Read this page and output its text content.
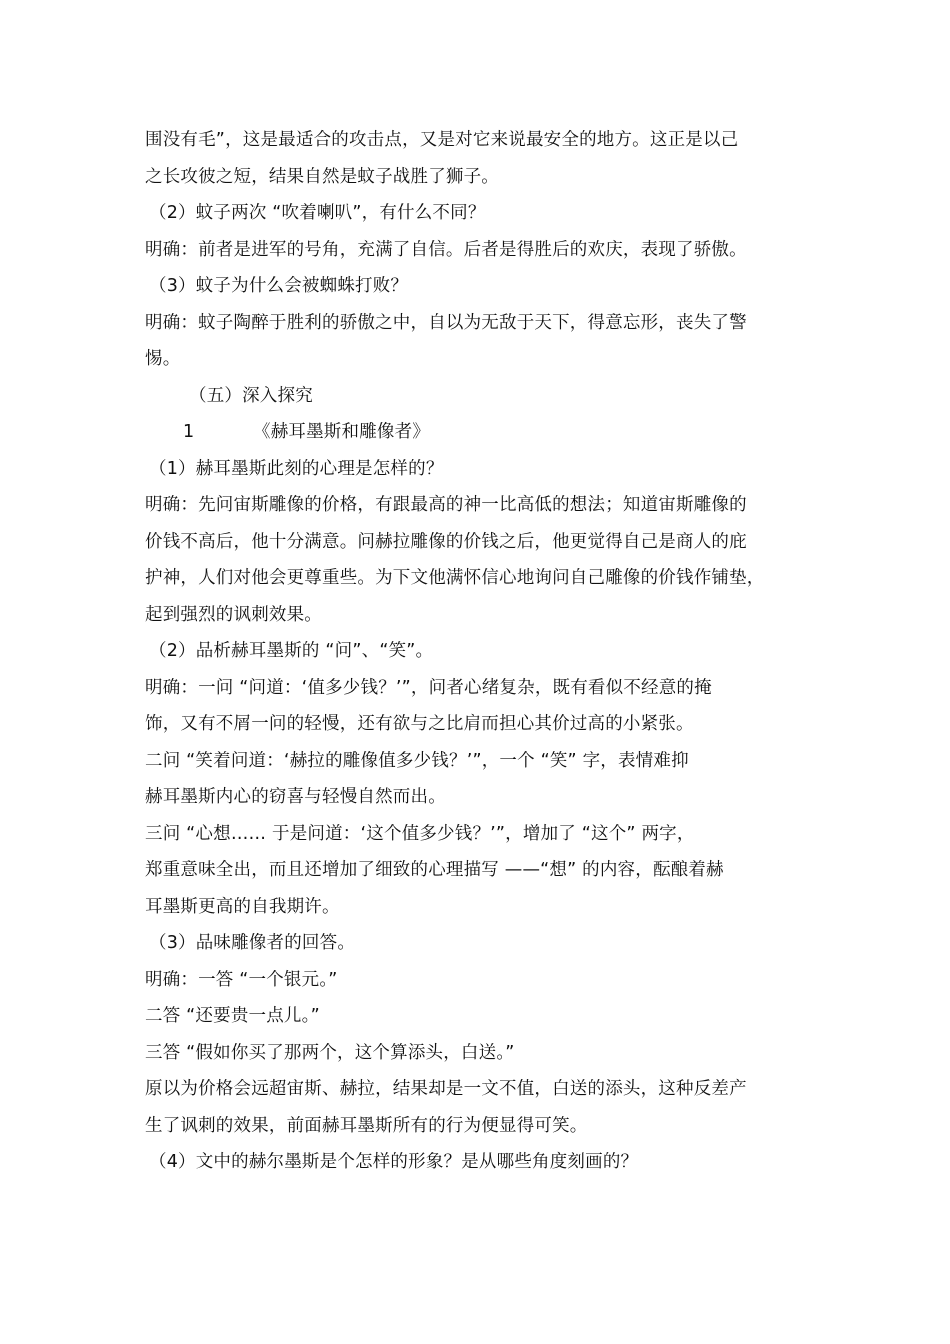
围没有毛”，这是最适合的攻击点，又是对它来说最安全的地方。这正是以己
之长攻彼之短，结果自然是蚊子战胜了狮子。
（2）蚊子两次 “吹着喇叭”，有什么不同？
明确：前者是进军的号角，充满了自信。后者是得胜后的欢庆，表现了骄傲。
（3）蚊子为什么会被蜘蛛打败？
明确：蚊子陶醉于胜利的骄傲之中，自以为无敌于天下，得意忘形，丧失了警
惕。
（五）深入探究
1	《赫耳墨斯和雕像者》
（1）赫耳墨斯此刻的心理是怎样的？
明确：先问宙斯雕像的价格，有跟最高的神一比高低的想法；知道宙斯雕像的
价钱不高后，他十分满意。问赫拉雕像的价钱之后，他更觉得自己是商人的庇
护神，人们对他会更尊重些。为下文他满怀信心地询问自己雕像的价钱作铺垫，
起到强烈的讽刺效果。
（2）品析赫耳墨斯的 “问”、“笑”。
明确：一问 “问道：‘值多少钱？’”，问者心绪复杂，既有看似不经意的掩
饰，又有不屑一问的轻慢，还有欲与之比肩而担心其价过高的小紧张。
二问 “笑着问道：‘赫拉的雕像值多少钱？’”，一个 “笑” 字，表情难抑
赫耳墨斯内心的窃喜与轻慢自然而出。
三问 “心想…… 于是问道：‘这个值多少钱？’”，增加了 “这个” 两字，
郑重意味全出，而且还增加了细致的心理描写 ——“想” 的内容，酝酿着赫
耳墨斯更高的自我期许。
（3）品味雕像者的回答。
明确：一答 “一个银元。”
二答 “还要贵一点儿。”
三答 “假如你买了那两个，这个算添头，白送。”
原以为价格会远超宙斯、赫拉，结果却是一文不值，白送的添头，这种反差产
生了讽刺的效果，前面赫耳墨斯所有的行为便显得可笑。
（4）文中的赫尔墨斯是个怎样的形象？是从哪些角度刻画的？
